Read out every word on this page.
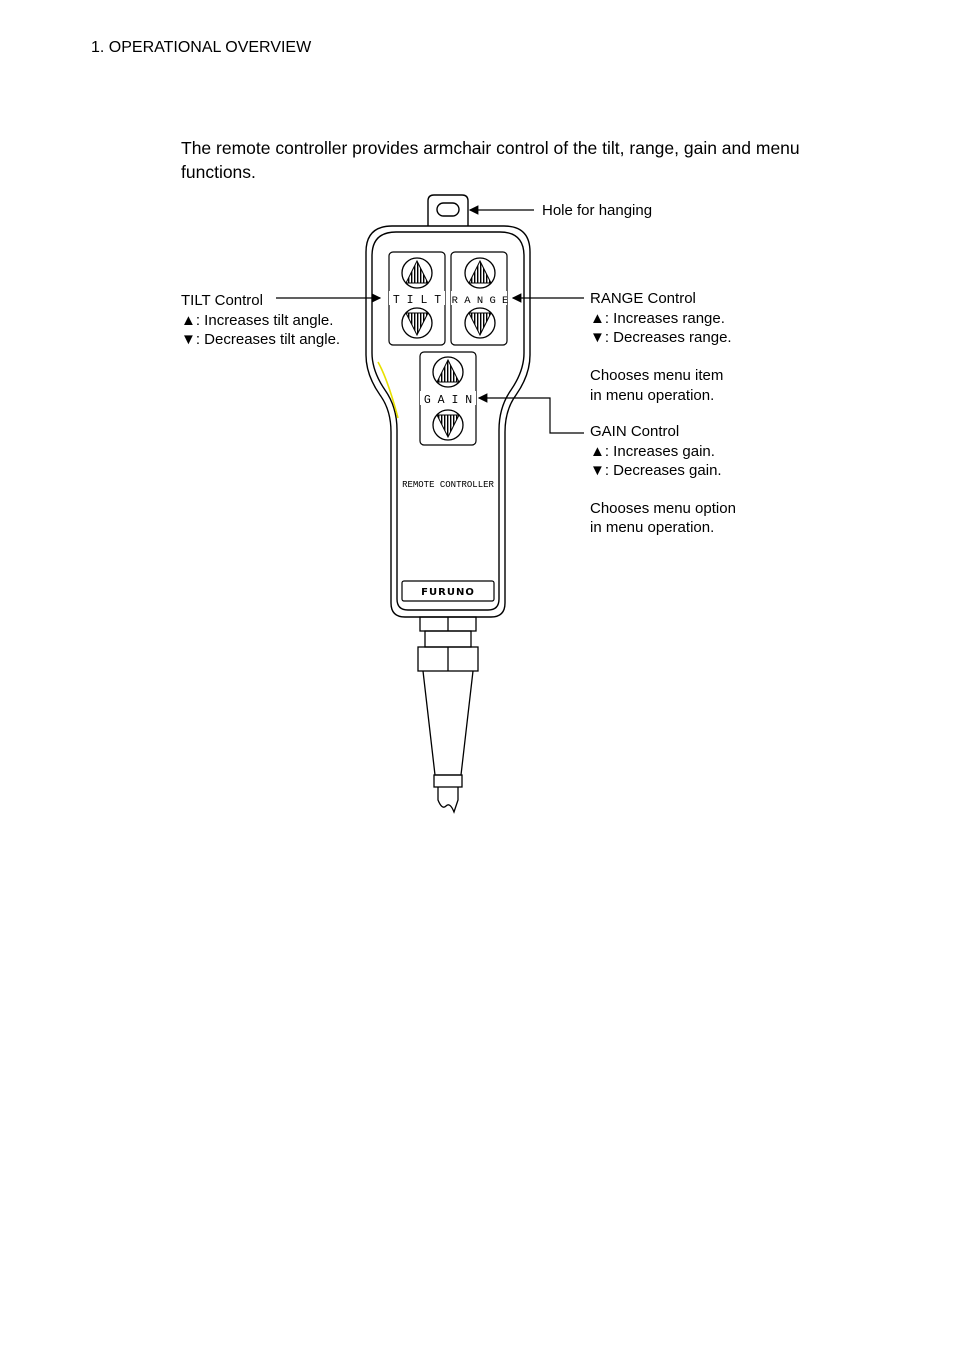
1. OPERATIONAL OVERVIEW
The remote controller provides armchair control of the tilt, range, gain and menu functions.
T I L T R A N G E
G A I N
REMOTE CONTROLLER
FURUNO
Hole for hanging
TILT Control
▲: Increases tilt angle.
▼: Decreases tilt angle.
RANGE Control
▲: Increases range.
▼: Decreases range.
Chooses menu item
in menu operation.
GAIN Control
▲: Increases gain.
▼: Decreases gain.
Chooses menu option
in menu operation.
